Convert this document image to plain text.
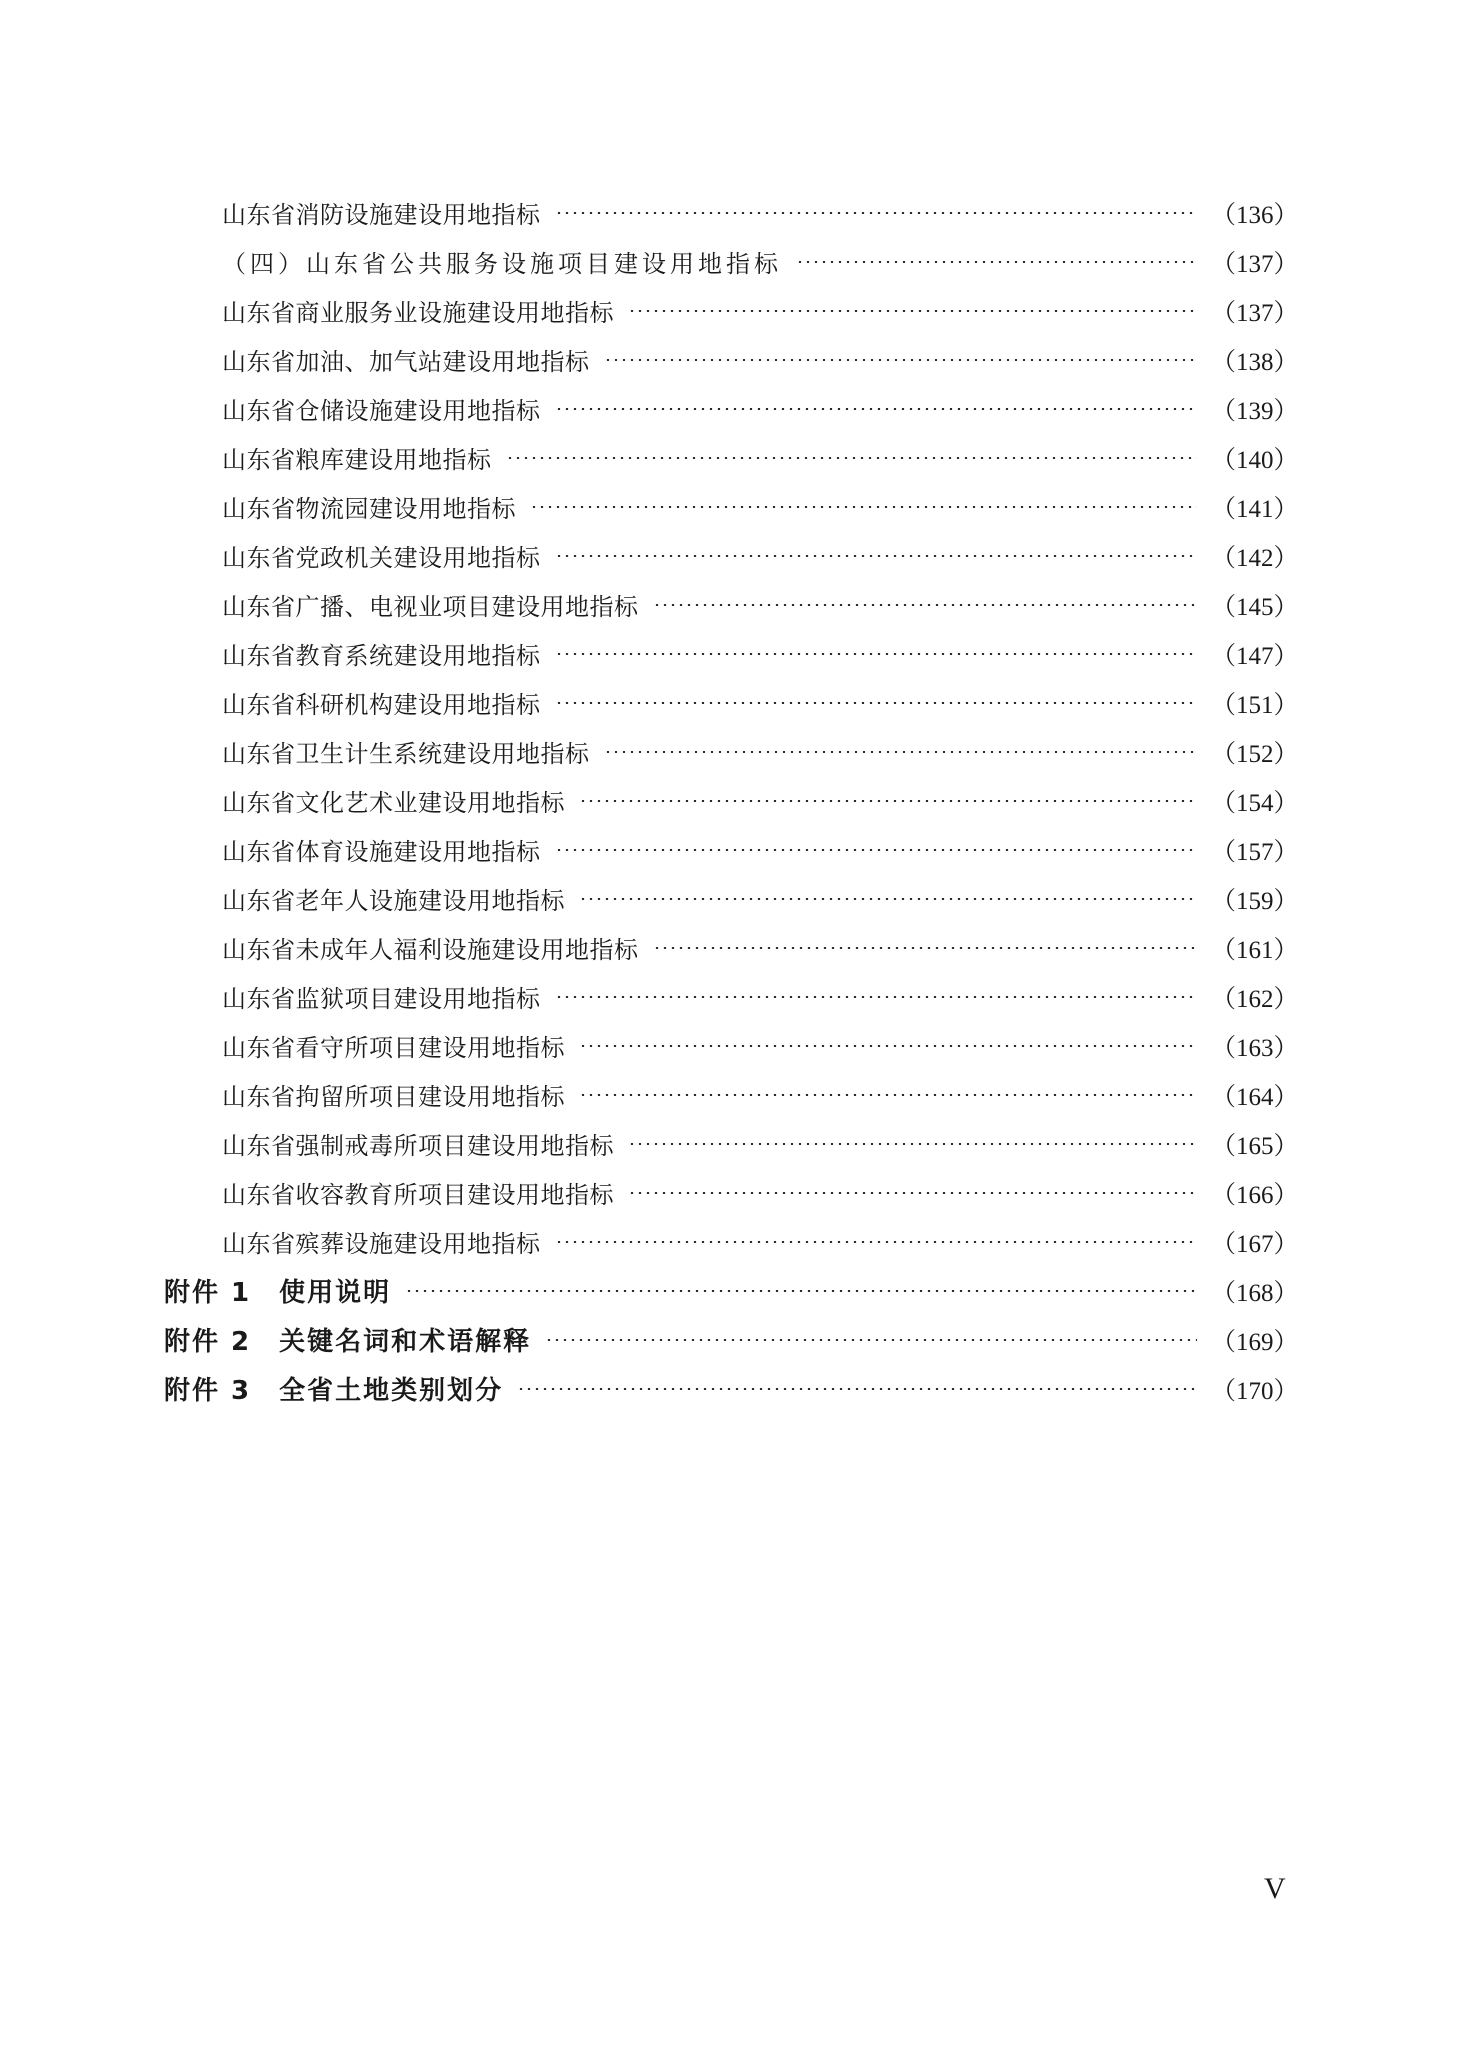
山东省消防设施建设用地指标	（136）
（四）山东省公共服务设施项目建设用地指标	（137）
山东省商业服务业设施建设用地指标	（137）
山东省加油、加气站建设用地指标	（138）
山东省仓储设施建设用地指标	（139）
山东省粮库建设用地指标	（140）
山东省物流园建设用地指标	（141）
山东省党政机关建设用地指标	（142）
山东省广播、电视业项目建设用地指标	（145）
山东省教育系统建设用地指标	（147）
山东省科研机构建设用地指标	（151）
山东省卫生计生系统建设用地指标	（152）
山东省文化艺术业建设用地指标	（154）
山东省体育设施建设用地指标	（157）
山东省老年人设施建设用地指标	（159）
山东省未成年人福利设施建设用地指标	（161）
山东省监狱项目建设用地指标	（162）
山东省看守所项目建设用地指标	（163）
山东省拘留所项目建设用地指标	（164）
山东省强制戒毒所项目建设用地指标	（165）
山东省收容教育所项目建设用地指标	（166）
山东省殡葬设施建设用地指标	（167）
附件 1　使用说明	（168）
附件 2　关键名词和术语解释	（169）
附件 3　全省土地类别划分	（170）
V
